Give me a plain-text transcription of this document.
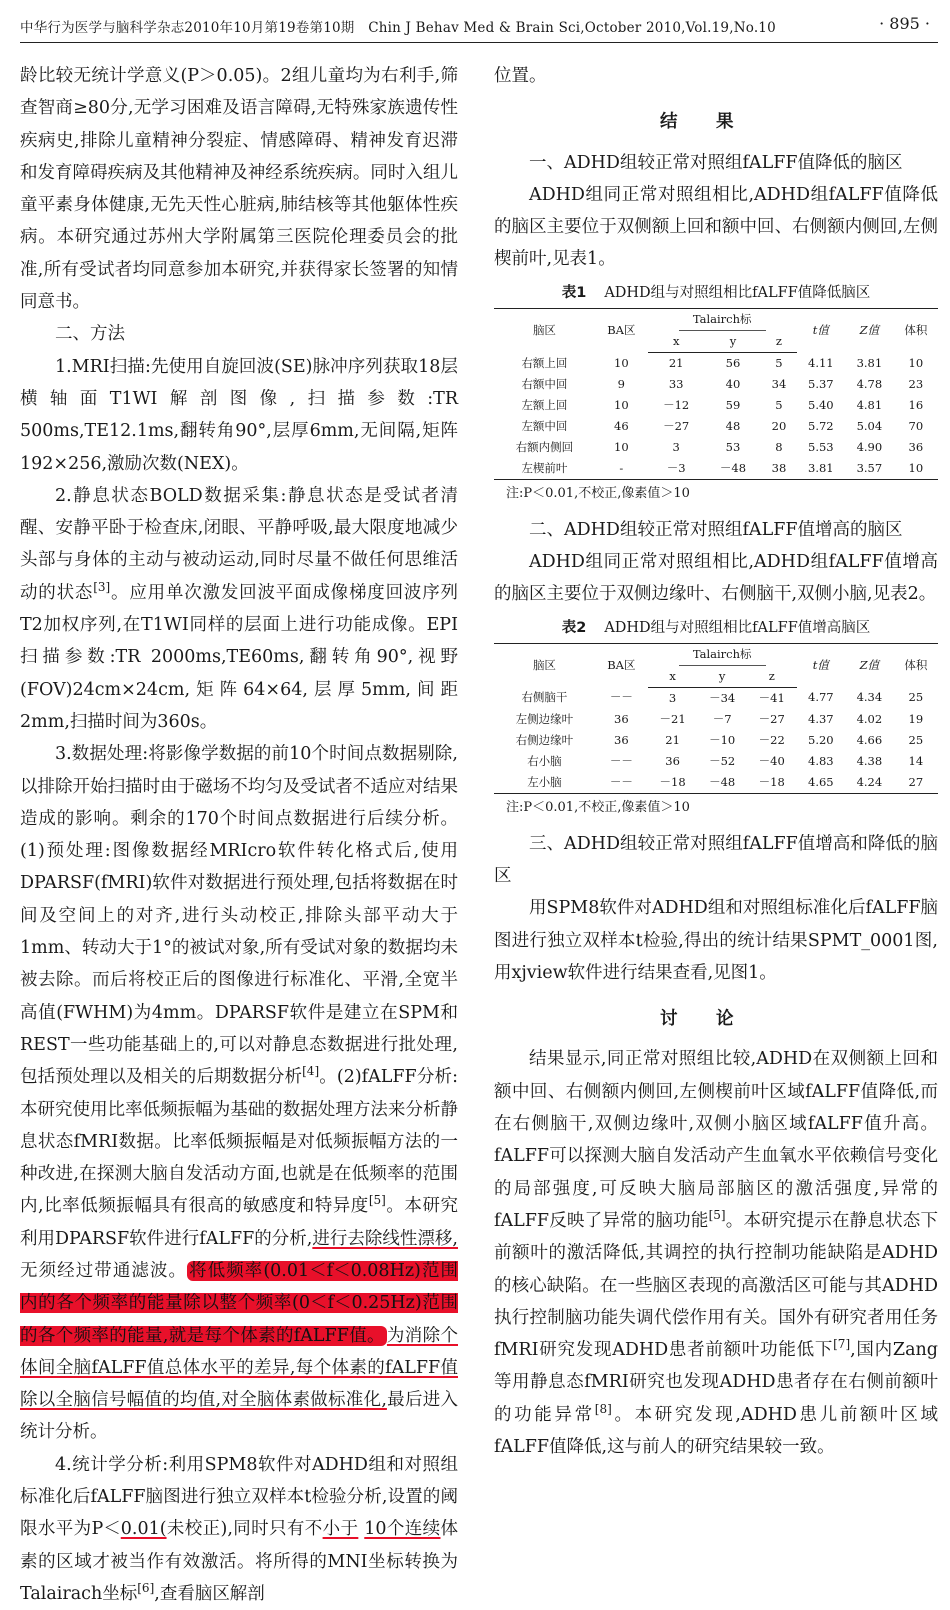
中华行为医学与脑科学杂志2010年10月第19卷第10期　Chin J Behav Med & Brain Sci,October 2010,Vol.19,No.10	· 895 ·

龄比较无统计学意义(P＞0.05)。2组儿童均为右利手,筛查智商≥80分,无学习困难及语言障碍,无特殊家族遗传性疾病史,排除儿童精神分裂症、情感障碍、精神发育迟滞和发育障碍疾病及其他精神及神经系统疾病。同时入组儿童平素身体健康,无先天性心脏病,肺结核等其他躯体性疾病。本研究通过苏州大学附属第三医院伦理委员会的批准,所有受试者均同意参加本研究,并获得家长签署的知情同意书。

二、方法

1.MRI扫描:先使用自旋回波(SE)脉冲序列获取18层横轴面T1WI解剖图像,扫描参数:TR 500ms,TE12.1ms,翻转角90°,层厚6mm,无间隔,矩阵192×256,激励次数(NEX)。

2.静息状态BOLD数据采集:静息状态是受试者清醒、安静平卧于检查床,闭眼、平静呼吸,最大限度地减少头部与身体的主动与被动运动,同时尽量不做任何思维活动的状态[3]。应用单次激发回波平面成像梯度回波序列T2加权序列,在T1WI同样的层面上进行功能成像。EPI扫描参数:TR 2000ms,TE60ms,翻转角90°,视野(FOV)24cm×24cm,矩阵64×64,层厚5mm,间距2mm,扫描时间为360s。

3.数据处理:将影像学数据的前10个时间点数据剔除,以排除开始扫描时由于磁场不均匀及受试者不适应对结果造成的影响。剩余的170个时间点数据进行后续分析。(1)预处理:图像数据经MRIcro软件转化格式后,使用DPARSF(fMRI)软件对数据进行预处理,包括将数据在时间及空间上的对齐,进行头动校正,排除头部平动大于1mm、转动大于1°的被试对象,所有受试对象的数据均未被去除。而后将校正后的图像进行标准化、平滑,全宽半高值(FWHM)为4mm。DPARSF软件是建立在SPM和REST一些功能基础上的,可以对静息态数据进行批处理,包括预处理以及相关的后期数据分析[4]。(2)fALFF分析:本研究使用比率低频振幅为基础的数据处理方法来分析静息状态fMRI数据。比率低频振幅是对低频振幅方法的一种改进,在探测大脑自发活动方面,也就是在低频率的范围内,比率低频振幅具有很高的敏感度和特异度[5]。本研究利用DPARSF软件进行fALFF的分析,进行去除线性漂移,无须经过带通滤波。 将低频率(0.01＜f＜0.08Hz)范围内的各个频率的能量除以整个频率(0＜f＜0.25Hz)范围的各个频率的能量,就是每个体素的fALFF值。 为消除个体间全脑fALFF值总体水平的差异,每个体素的fALFF值除以全脑信号幅值的均值,对全脑体素做标准化,最后进入统计分析。

4.统计学分析:利用SPM8软件对ADHD组和对照组标准化后fALFF脑图进行独立双样本t检验分析,设置的阈限水平为P＜0.01(未校正),同时只有不小于 10个连续体素的区域才被当作有效激活。将所得的MNI坐标转换为Talairach坐标[6],查看脑区解剖

位置。

结果

一、ADHD组较正常对照组fALFF值降低的脑区

ADHD组同正常对照组相比,ADHD组fALFF值降低的脑区主要位于双侧额上回和额中回、右侧额内侧回,左侧楔前叶,见表1。

表1 ADHD组与对照组相比fALFF值降低脑区

脑区	BA区	Talairch标			t值	Z值	体积
		x	y	z			
右额上回	10	21	56	5	4.11	3.81	10
右额中回	9	33	40	34	5.37	4.78	23
左额上回	10	－12	59	5	5.40	4.81	16
左额中回	46	－27	48	20	5.72	5.04	70
右额内侧回	10	3	53	8	5.53	4.90	36
左楔前叶	-	－3	－48	38	3.81	3.57	10

注:P＜0.01,不校正,像素值＞10

二、ADHD组较正常对照组fALFF值增高的脑区

ADHD组同正常对照组相比,ADHD组fALFF值增高的脑区主要位于双侧边缘叶、右侧脑干,双侧小脑,见表2。

表2 ADHD组与对照组相比fALFF值增高脑区

脑区	BA区	Talairch标			t值	Z值	体积
		x	y	z			
右侧脑干	－－	3	－34	－41	4.77	4.34	25
左侧边缘叶	36	－21	－7	－27	4.37	4.02	19
右侧边缘叶	36	21	－10	－22	5.20	4.66	25
右小脑	－－	36	－52	－40	4.83	4.38	14
左小脑	－－	－18	－48	－18	4.65	4.24	27

注:P＜0.01,不校正,像素值＞10

三、ADHD组较正常对照组fALFF值增高和降低的脑区

用SPM8软件对ADHD组和对照组标准化后fALFF脑图进行独立双样本t检验,得出的统计结果SPMT_0001图,用xjview软件进行结果查看,见图1。

讨论

结果显示,同正常对照组比较,ADHD在双侧额上回和额中回、右侧额内侧回,左侧楔前叶区域fALFF值降低,而在右侧脑干,双侧边缘叶,双侧小脑区域fALFF值升高。fALFF可以探测大脑自发活动产生血氧水平依赖信号变化的局部强度,可反映大脑局部脑区的激活强度,异常的fALFF反映了异常的脑功能[5]。本研究提示在静息状态下前额叶的激活降低,其调控的执行控制功能缺陷是ADHD的核心缺陷。在一些脑区表现的高激活区可能与其ADHD执行控制脑功能失调代偿作用有关。国外有研究者用任务fMRI研究发现ADHD患者前额叶功能低下[7],国内Zang等用静息态fMRI研究也发现ADHD患者存在右侧前额叶的功能异常[8]。本研究发现,ADHD患儿前额叶区域fALFF值降低,这与前人的研究结果较一致。
